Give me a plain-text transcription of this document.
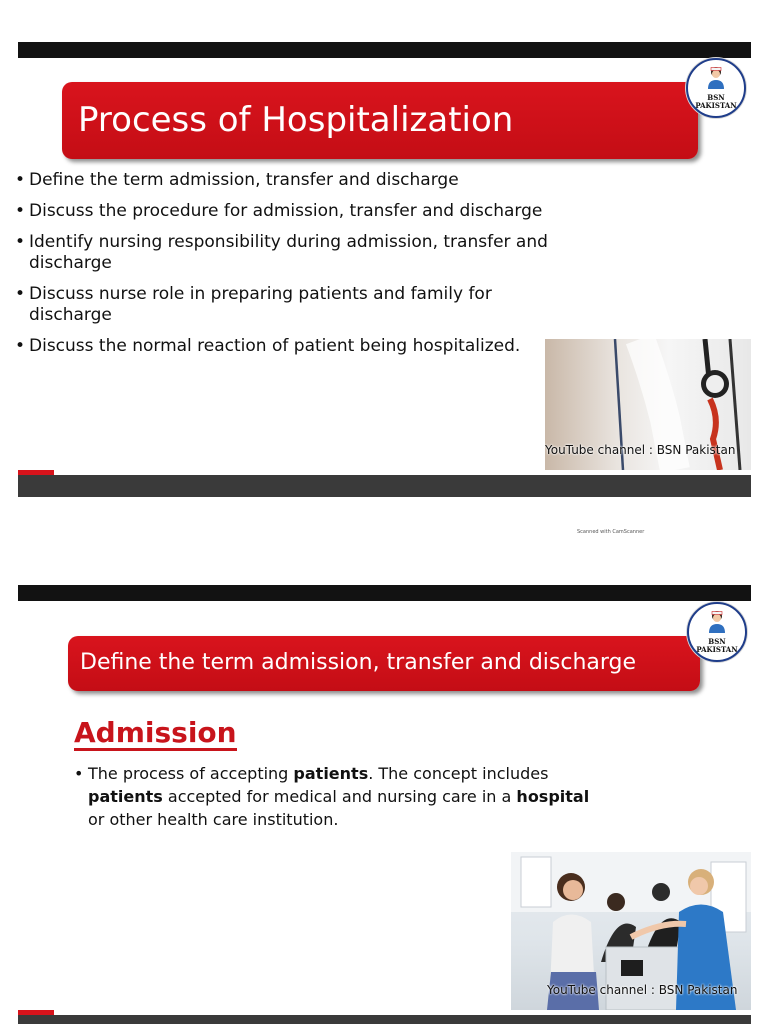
Process of Hospitalization
BSN
PAKISTAN
• Define the term admission, transfer and discharge
• Discuss the procedure for admission, transfer and discharge
• Identify nursing responsibility during admission, transfer and discharge
• Discuss nurse role in preparing patients and family for discharge
• Discuss the normal reaction of patient being hospitalized.
YouTube channel : BSN Pakistan
Scanned with CamScanner
Define the term admission, transfer and discharge
BSN
PAKISTAN
Admission
• The process of accepting patients. The concept includes patients accepted for medical and nursing care in a hospital or other health care institution.
YouTube channel : BSN Pakistan
